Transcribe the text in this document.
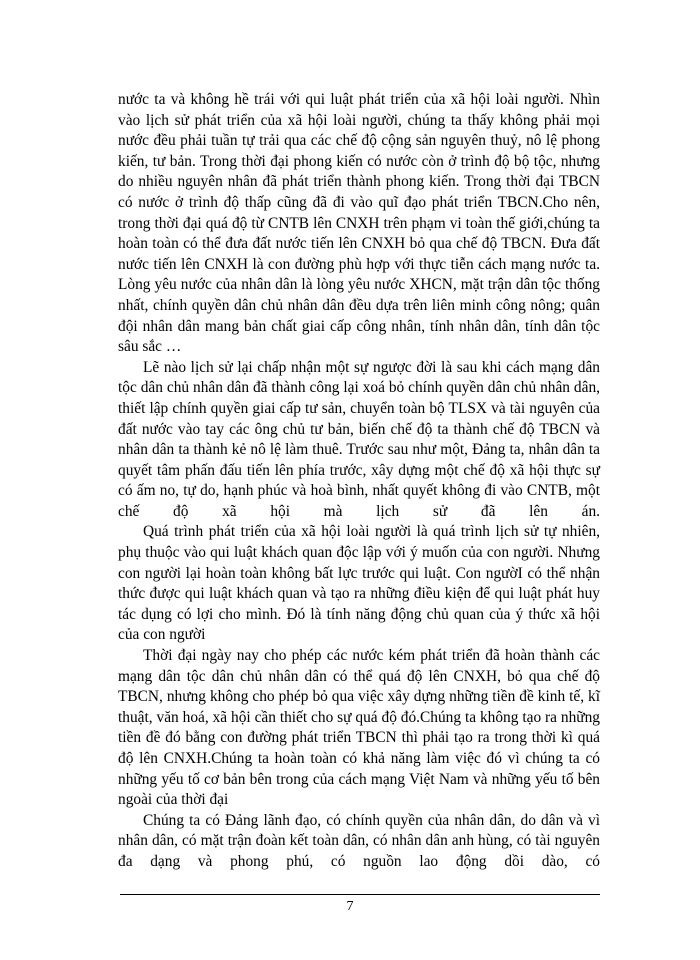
nước ta và không hề trái với qui luật phát triển của xã hội loài người. Nhìn vào lịch sử phát triển của xã hội loài người, chúng ta thấy không phải mọi nước đều phải tuần tự trải qua các chế độ cộng sản nguyên thuỷ, nô lệ phong kiến, tư bản. Trong thời đại phong kiến có nước còn ở trình độ bộ tộc, nhưng do nhiều nguyên nhân đã phát triển thành phong kiến. Trong thời đại TBCN có nước ở trình độ thấp cũng đã đi vào quĩ đạo phát triển TBCN.Cho nên, trong thời đại quá độ từ CNTB lên CNXH trên phạm vi toàn thế giới,chúng ta hoàn toàn có thể đưa đất nước tiến lên CNXH bỏ qua chế độ TBCN. Đưa đất nước tiến lên CNXH là con đường phù hợp với thực tiễn cách mạng nước ta. Lòng yêu nước của nhân dân là lòng yêu nước XHCN, mặt trận dân tộc thống nhất, chính quyền dân chủ nhân dân đều dựa trên liên minh công nông; quân đội nhân dân mang bản chất giai cấp công nhân, tính nhân dân, tính dân tộc sâu sắc …

Lẽ nào lịch sử lại chấp nhận một sự ngược đời là sau khi cách mạng dân tộc dân chủ nhân dân đã thành công lại xoá bỏ chính quyền dân chủ nhân dân, thiết lập chính quyền giai cấp tư sản, chuyển toàn bộ TLSX và tài nguyên của đất nước vào tay các ông chủ tư bản, biến chế độ ta thành chế độ TBCN và nhân dân ta thành kẻ nô lệ làm thuê. Trước sau như một, Đảng ta, nhân dân ta quyết tâm phấn đấu tiến lên phía trước, xây dựng một chế độ xã hội thực sự có ấm no, tự do, hạnh phúc và hoà bình, nhất quyết không đi vào CNTB, một chế độ xã hội mà lịch sử đã lên án.

Quá trình phát triển của xã hội loài người là quá trình lịch sử tự nhiên, phụ thuộc vào qui luật khách quan độc lập với ý muốn của con người. Nhưng con người lại hoàn toàn không bất lực trước qui luật. Con ngườI có thể nhận thức được qui luật khách quan và tạo ra những điều kiện để qui luật phát huy tác dụng có lợi cho mình. Đó là tính năng động chủ quan của ý thức xã hội của con người

Thời đại ngày nay cho phép các nước kém phát triển đã hoàn thành các mạng dân tộc dân chủ nhân dân có thể quá độ lên CNXH, bỏ qua chế độ TBCN, nhưng không cho phép bỏ qua việc xây dựng những tiền đề kinh tế, kĩ thuật, văn hoá, xã hội cần thiết cho sự quá độ đó.Chúng ta không tạo ra những tiền đề đó bằng con đường phát triển TBCN thì phải tạo ra trong thời kì quá độ lên CNXH.Chúng ta hoàn toàn có khả năng làm việc đó vì chúng ta có những yếu tố cơ bản bên trong của cách mạng Việt Nam và những yếu tố bên ngoài của thời đại

Chúng ta có Đảng lãnh đạo, có chính quyền của nhân dân, do dân và vì nhân dân, có mặt trận đoàn kết toàn dân, có nhân dân anh hùng, có tài nguyên đa dạng và phong phú, có nguồn lao động dồi dào, có

7
